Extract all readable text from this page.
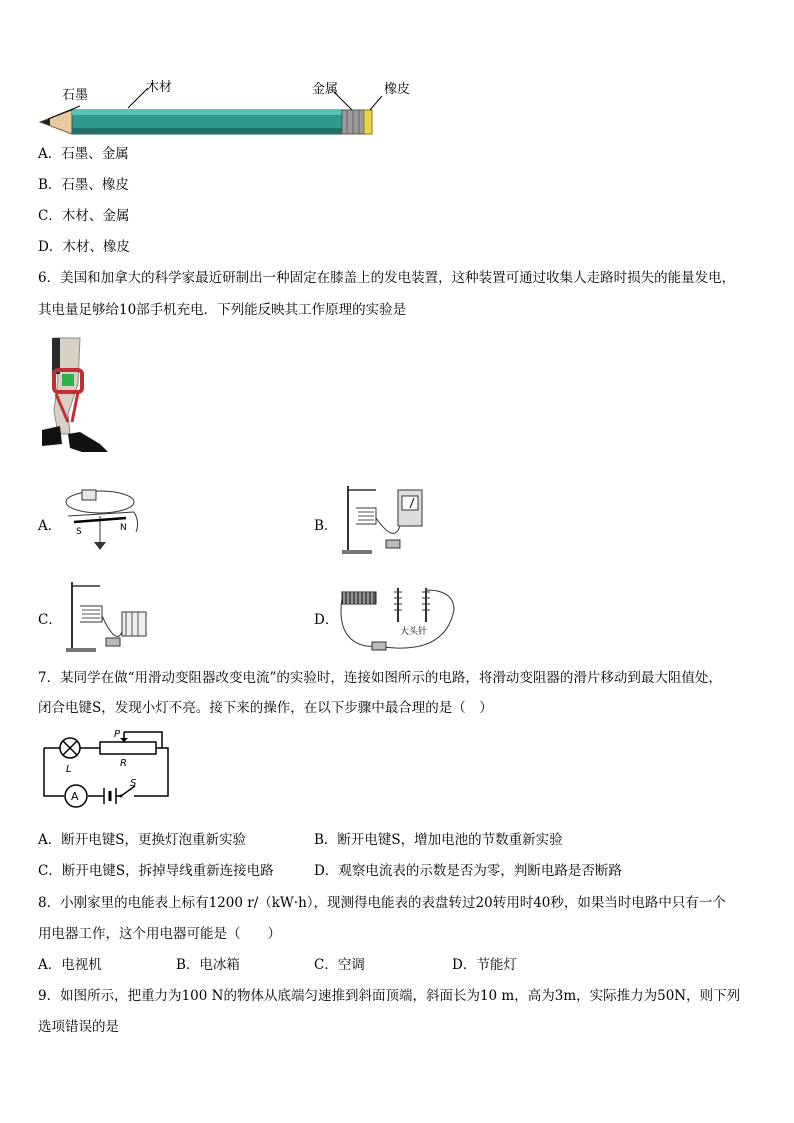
石墨
木材	金属	橡皮
A．石墨、金属
B．石墨、橡皮
C．木材、金属
D．木材、橡皮
6．美国和加拿大的科学家最近研制出一种固定在膝盖上的发电装置，这种装置可通过收集人走路时损失的能量发电，
其电量足够给10部手机充电．下列能反映其工作原理的实验是
A． S	N	B．
C．	D．
大头针
7．某同学在做“用滑动变阻器改变电流”的实验时，连接如图所示的电路，将滑动变阻器的滑片移动到最大阻值处，
闭合电键S，发现小灯不亮。接下来的操作，在以下步骤中最合理的是（　）
P
R
L
A
S
A．断开电键S，更换灯泡重新实验	B．断开电键S，增加电池的节数重新实验
C．断开电键S，拆掉导线重新连接电路	D．观察电流表的示数是否为零，判断电路是否断路
8．小刚家里的电能表上标有1200 r/（kW·h），现测得电能表的表盘转过20转用时40秒，如果当时电路中只有一个
用电器工作，这个用电器可能是（　　）
A．电视机	B．电冰箱	C．空调	D．节能灯
9．如图所示，把重力为100 N的物体从底端匀速推到斜面顶端，斜面长为10 m，高为3m，实际推力为50N，则下列
选项错误的是
